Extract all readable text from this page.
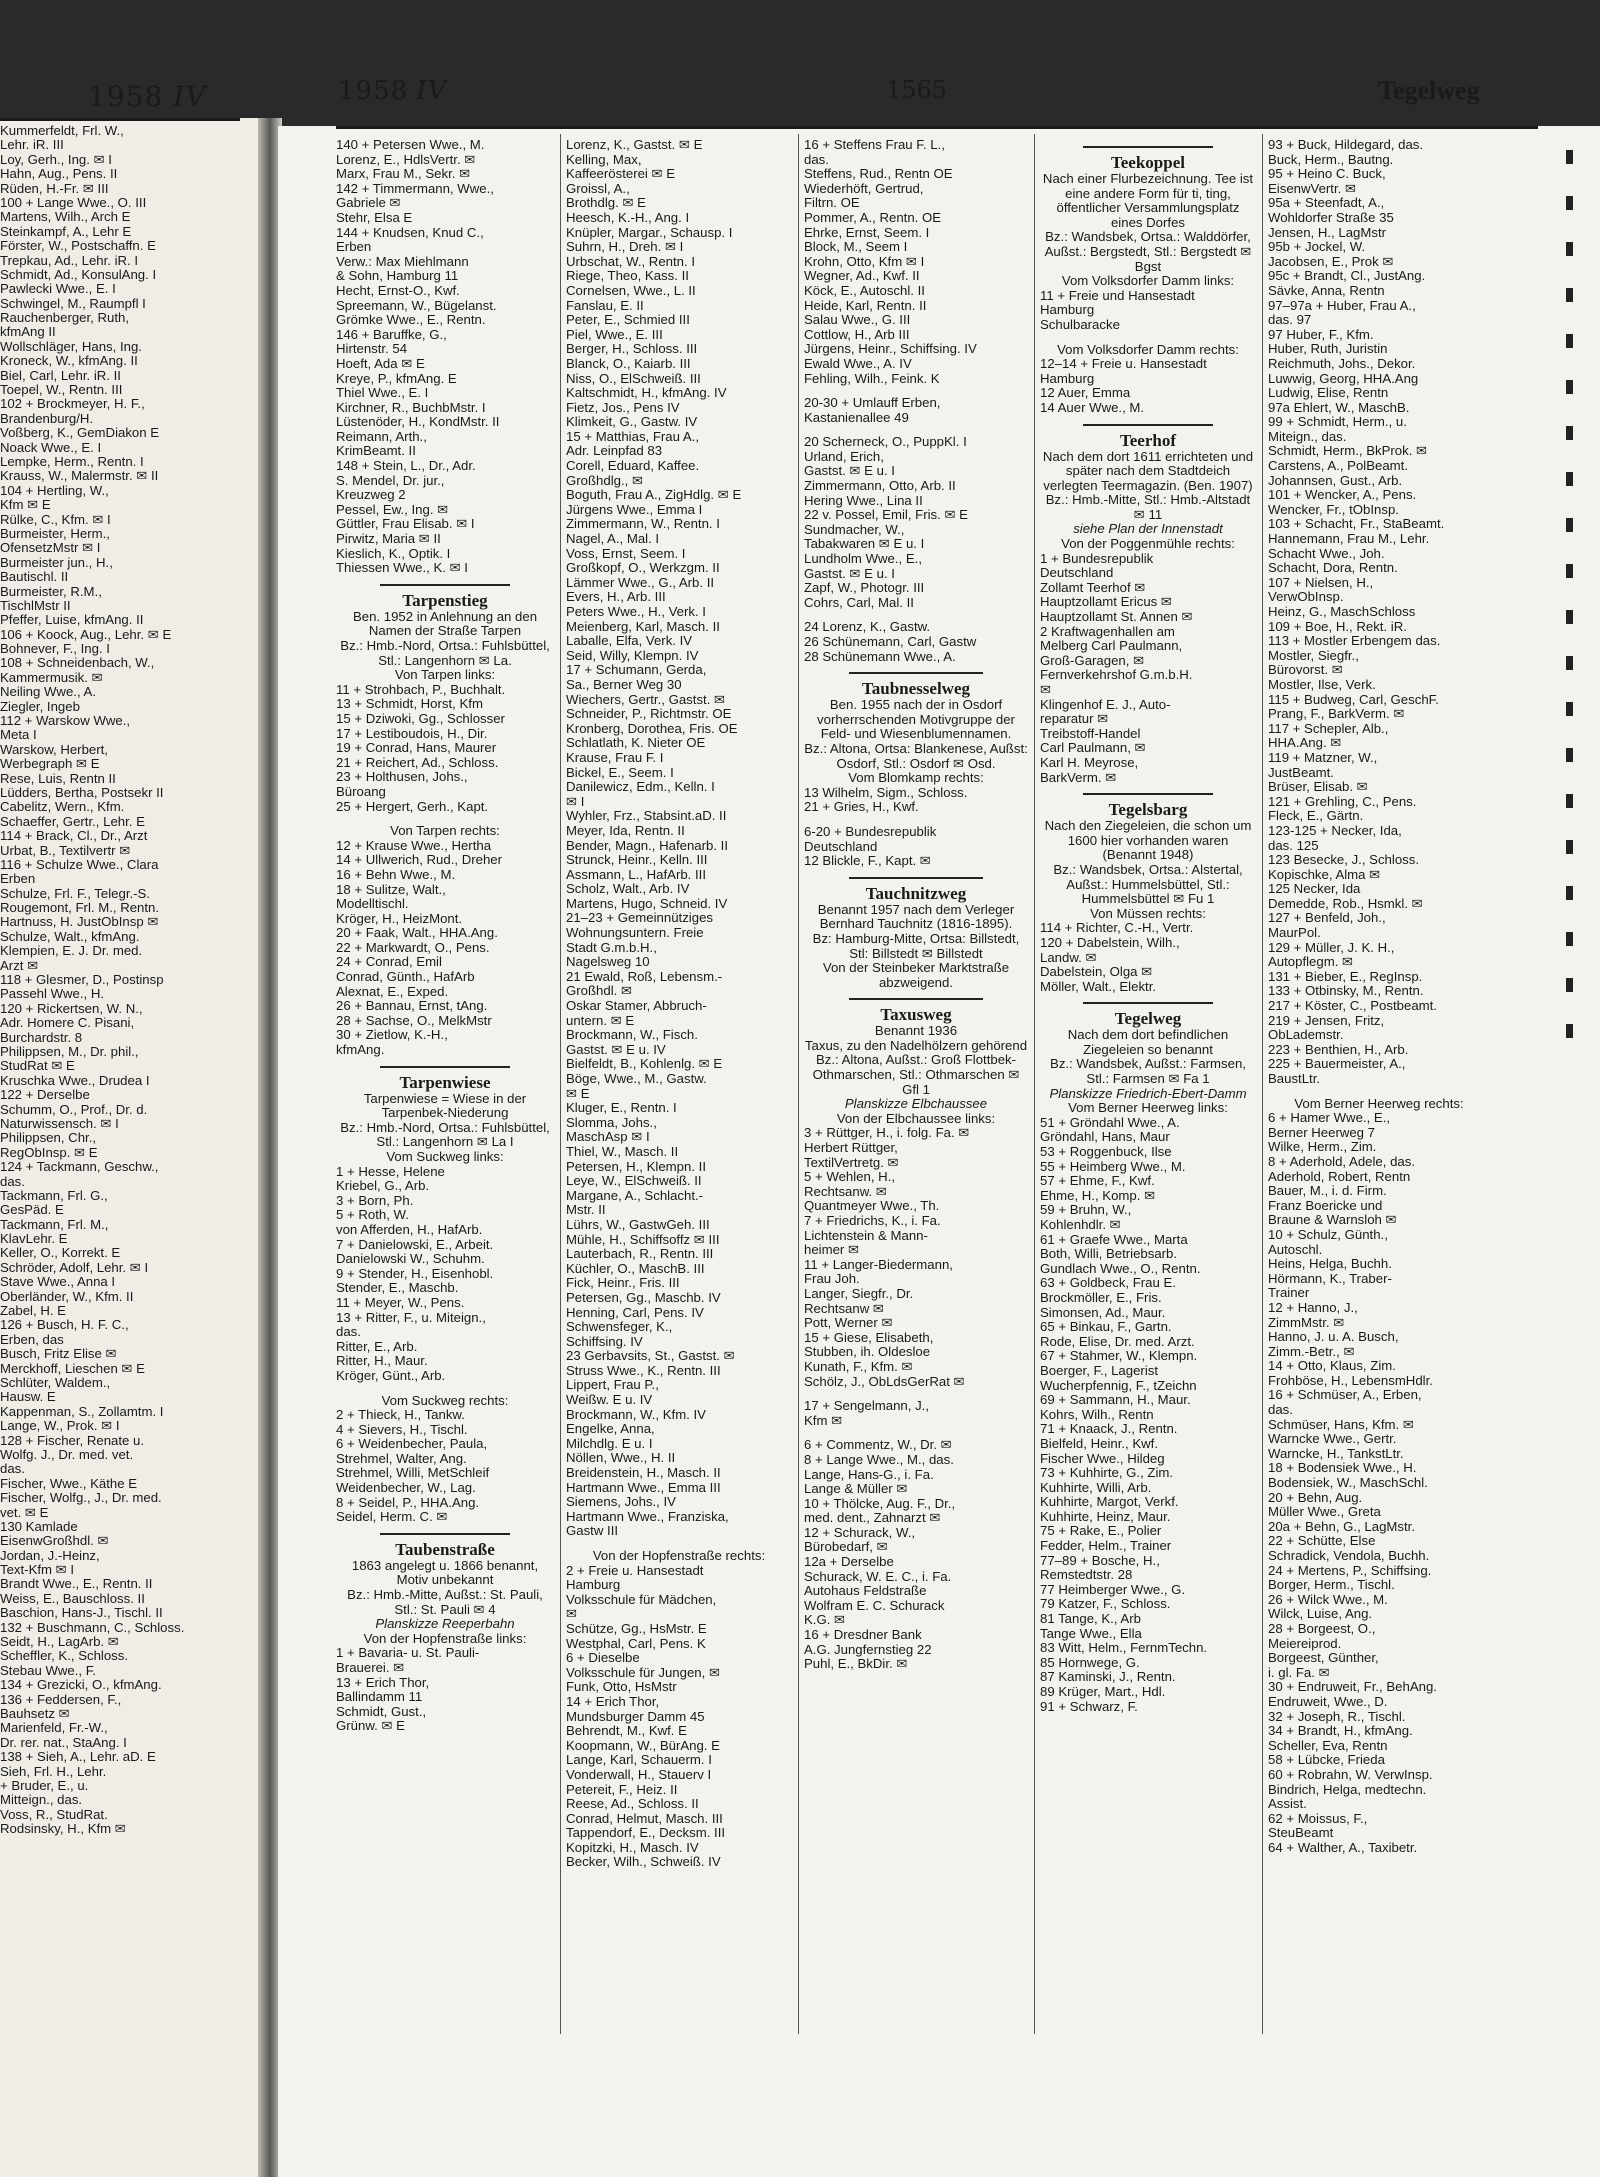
1958 IV
Kummerfeldt, Frl. W.,
Lehr. iR. III
Loy, Gerh., Ing. ✉ I
Hahn, Aug., Pens. II
Rüden, H.-Fr. ✉ III
100 + Lange Wwe., O. III
Martens, Wilh., Arch E
Steinkampf, A., Lehr E
Förster, W., Postschaffn. E
Trepkau, Ad., Lehr. iR. I
Schmidt, Ad., KonsulAng. I
Pawlecki Wwe., E. I
Schwingel, M., Raumpfl I
Rauchenberger, Ruth,
kfmAng II
Wollschläger, Hans, Ing.
Kroneck, W., kfmAng. II
Biel, Carl, Lehr. iR. II
Toepel, W., Rentn. III
102 + Brockmeyer, H. F.,
Brandenburg/H.
Voßberg, K., GemDiakon E
Noack Wwe., E. I
Lempke, Herm., Rentn. I
Krauss, W., Malermstr. ✉ II
104 + Hertling, W.,
Kfm ✉ E
Rülke, C., Kfm. ✉ I
Burmeister, Herm.,
OfensetzMstr ✉ I
Burmeister jun., H.,
Bautischl. II
Burmeister, R.M.,
TischlMstr II
Pfeffer, Luise, kfmAng. II
106 + Koock, Aug., Lehr. ✉ E
Bohnever, F., Ing. I
108 + Schneidenbach, W.,
Kammermusik. ✉
Neiling Wwe., A.
Ziegler, Ingeb
112 + Warskow Wwe.,
Meta I
Warskow, Herbert,
Werbegraph ✉ E
Rese, Luis, Rentn II
Lüdders, Bertha, Postsekr II
Cabelitz, Wern., Kfm.
Schaeffer, Gertr., Lehr. E
114 + Brack, Cl., Dr., Arzt
Urbat, B., Textilvertr ✉
116 + Schulze Wwe., Clara
Erben
Schulze, Frl. F., Telegr.-S.
Rougemont, Frl. M., Rentn.
Hartnuss, H. JustObInsp ✉
Schulze, Walt., kfmAng.
Klempien, E. J. Dr. med.
Arzt ✉
118 + Glesmer, D., Postinsp
Passehl Wwe., H.
120 + Rickertsen, W. N.,
Adr. Homere C. Pisani,
Burchardstr. 8
Philippsen, M., Dr. phil.,
StudRat ✉ E
Kruschka Wwe., Drudea I
122 + Derselbe
Schumm, O., Prof., Dr. d.
Naturwissensch. ✉ I
Philippsen, Chr.,
RegObInsp. ✉ E
124 + Tackmann, Geschw.,
das.
Tackmann, Frl. G.,
GesPäd. E
Tackmann, Frl. M.,
KlavLehr. E
Keller, O., Korrekt. E
Schröder, Adolf, Lehr. ✉ I
Stave Wwe., Anna I
Oberländer, W., Kfm. II
Zabel, H. E
126 + Busch, H. F. C.,
Erben, das
Busch, Fritz Elise ✉
Merckhoff, Lieschen ✉ E
Schlüter, Waldem.,
Hausw. E
Kappenman, S., Zollamtm. I
Lange, W., Prok. ✉ I
128 + Fischer, Renate u.
Wolfg. J., Dr. med. vet.
das.
Fischer, Wwe., Käthe E
Fischer, Wolfg., J., Dr. med.
vet. ✉ E
130 Kamlade
EisenwGroßhdl. ✉
Jordan, J.-Heinz,
Text-Kfm ✉ I
Brandt Wwe., E., Rentn. II
Weiss, E., Bauschloss. II
Baschion, Hans-J., Tischl. II
132 + Buschmann, C., Schloss.
Seidt, H., LagArb. ✉
Scheffler, K., Schloss.
Stebau Wwe., F.
134 + Grezicki, O., kfmAng.
136 + Feddersen, F.,
Bauhsetz ✉
Marienfeld, Fr.-W.,
Dr. rer. nat., StaAng. I
138 + Sieh, A., Lehr. aD. E
Sieh, Frl. H., Lehr.
+ Bruder, E., u.
Mitteign., das.
Voss, R., StudRat.
Rodsinsky, H., Kfm ✉
1958 IV	1565	Tegelweg
140 + Petersen Wwe., M.
Lorenz, E., HdlsVertr. ✉
Marx, Frau M., Sekr. ✉
142 + Timmermann, Wwe.,
Gabriele ✉
Stehr, Elsa E
144 + Knudsen, Knud C.,
Erben
Verw.: Max Miehlmann
& Sohn, Hamburg 11
Hecht, Ernst-O., Kwf.
Spreemann, W., Bügelanst.
Grömke Wwe., E., Rentn.
146 + Baruffke, G.,
Hirtenstr. 54
Hoeft, Ada ✉ E
Kreye, P., kfmAng. E
Thiel Wwe., E. I
Kirchner, R., BuchbMstr. I
Lüstenöder, H., KondMstr. II
Reimann, Arth.,
KrimBeamt. II
148 + Stein, L., Dr., Adr.
S. Mendel, Dr. jur.,
Kreuzweg 2
Pessel, Ew., Ing. ✉
Güttler, Frau Elisab. ✉ I
Pirwitz, Maria ✉ II
Kieslich, K., Optik. I
Thiessen Wwe., K. ✉ I
Tarpenstieg
Ben. 1952 in Anlehnung an den Namen der Straße Tarpen
Bz.: Hmb.-Nord, Ortsa.: Fuhlsbüttel, Stl.: Langenhorn ✉ La.
Von Tarpen links:
11 + Strohbach, P., Buchhalt.
13 + Schmidt, Horst, Kfm
15 + Dziwoki, Gg., Schlosser
17 + Lestiboudois, H., Dir.
19 + Conrad, Hans, Maurer
21 + Reichert, Ad., Schloss.
23 + Holthusen, Johs.,
Büroang
25 + Hergert, Gerh., Kapt.
Von Tarpen rechts:
12 + Krause Wwe., Hertha
14 + Ullwerich, Rud., Dreher
16 + Behn Wwe., M.
18 + Sulitze, Walt.,
Modelltischl.
Kröger, H., HeizMont.
20 + Faak, Walt., HHA.Ang.
22 + Markwardt, O., Pens.
24 + Conrad, Emil
Conrad, Günth., HafArb
Alexnat, E., Exped.
26 + Bannau, Ernst, tAng.
28 + Sachse, O., MelkMstr
30 + Zietlow, K.-H.,
kfmAng.
Tarpenwiese
Tarpenwiese = Wiese in der Tarpenbek-Niederung
Bz.: Hmb.-Nord, Ortsa.: Fuhlsbüttel, Stl.: Langenhorn ✉ La I
Vom Suckweg links:
1 + Hesse, Helene
Kriebel, G., Arb.
3 + Born, Ph.
5 + Roth, W.
von Afferden, H., HafArb.
7 + Danielowski, E., Arbeit.
Danielowski W., Schuhm.
9 + Stender, H., Eisenhobl.
Stender, E., Maschb.
11 + Meyer, W., Pens.
13 + Ritter, F., u. Miteign.,
das.
Ritter, E., Arb.
Ritter, H., Maur.
Kröger, Günt., Arb.
Vom Suckweg rechts:
2 + Thieck, H., Tankw.
4 + Sievers, H., Tischl.
6 + Weidenbecher, Paula,
Strehmel, Walter, Ang.
Strehmel, Willi, MetSchleif
Weidenbecher, W., Lag.
8 + Seidel, P., HHA.Ang.
Seidel, Herm. C. ✉
Taubenstraße
1863 angelegt u. 1866 benannt, Motiv unbekannt
Bz.: Hmb.-Mitte, Außst.: St. Pauli, Stl.: St. Pauli ✉ 4
Planskizze Reeperbahn
Von der Hopfenstraße links:
1 + Bavaria- u. St. Pauli-
Brauerei. ✉
13 + Erich Thor,
Ballindamm 11
Schmidt, Gust.,
Grünw. ✉ E
Lorenz, K., Gastst. ✉ E
Kelling, Max,
Kaffeerösterei ✉ E
Groissl, A.,
Brothdlg. ✉ E
Heesch, K.-H., Ang. I
Knüpler, Margar., Schausp. I
Suhrn, H., Dreh. ✉ I
Urbschat, W., Rentn. I
Riege, Theo, Kass. II
Cornelsen, Wwe., L. II
Fanslau, E. II
Peter, E., Schmied III
Piel, Wwe., E. III
Berger, H., Schloss. III
Blanck, O., Kaiarb. III
Niss, O., ElSchweiß. III
Kaltschmidt, H., kfmAng. IV
Fietz, Jos., Pens IV
Klimkeit, G., Gastw. IV
15 + Matthias, Frau A.,
Adr. Leinpfad 83
Corell, Eduard, Kaffee.
Großhdlg., ✉
Boguth, Frau A., ZigHdlg. ✉ E
Jürgens Wwe., Emma I
Zimmermann, W., Rentn. I
Nagel, A., Mal. I
Voss, Ernst, Seem. I
Großkopf, O., Werkzgm. II
Lämmer Wwe., G., Arb. II
Evers, H., Arb. III
Peters Wwe., H., Verk. I
Meienberg, Karl, Masch. II
Laballe, Elfa, Verk. IV
Seid, Willy, Klempn. IV
17 + Schumann, Gerda,
Sa., Berner Weg 30
Wiechers, Gertr., Gastst. ✉
Schneider, P., Richtmstr. OE
Kronberg, Dorothea, Fris. OE
Schlatlath, K. Nieter OE
Krause, Frau F. I
Bickel, E., Seem. I
Danilewicz, Edm., Kelln. I
✉ I
Wyhler, Frz., Stabsint.aD. II
Meyer, Ida, Rentn. II
Bender, Magn., Hafenarb. II
Strunck, Heinr., Kelln. III
Assmann, L., HafArb. III
Scholz, Walt., Arb. IV
Martens, Hugo, Schneid. IV
21–23 + Gemeinnütziges
Wohnungsuntern. Freie
Stadt G.m.b.H.,
Nagelsweg 10
21 Ewald, Roß, Lebensm.-
Großhdl. ✉
Oskar Stamer, Abbruch-
untern. ✉ E
Brockmann, W., Fisch.
Gastst. ✉ E u. IV
Bielfeldt, B., Kohlenlg. ✉ E
Böge, Wwe., M., Gastw.
✉ E
Kluger, E., Rentn. I
Slomma, Johs.,
MaschAsp ✉ I
Thiel, W., Masch. II
Petersen, H., Klempn. II
Leye, W., ElSchweiß. II
Margane, A., Schlacht.-
Mstr. II
Lührs, W., GastwGeh. III
Mühle, H., Schiffsoffz ✉ III
Lauterbach, R., Rentn. III
Küchler, O., MaschB. III
Fick, Heinr., Fris. III
Petersen, Gg., Maschb. IV
Henning, Carl, Pens. IV
Schwensfeger, K.,
Schiffsing. IV
23 Gerbavsits, St., Gastst. ✉
Struss Wwe., K., Rentn. III
Lippert, Frau P.,
Weißw. E u. IV
Brockmann, W., Kfm. IV
Engelke, Anna,
Milchdlg. E u. I
Nöllen, Wwe., H. II
Breidenstein, H., Masch. II
Hartmann Wwe., Emma III
Siemens, Johs., IV
Hartmann Wwe., Franziska,
Gastw III
Von der Hopfenstraße rechts:
2 + Freie u. Hansestadt
Hamburg
Volksschule für Mädchen,
✉
Schütze, Gg., HsMstr. E
Westphal, Carl, Pens. K
6 + Dieselbe
Volksschule für Jungen, ✉
Funk, Otto, HsMstr
14 + Erich Thor,
Mundsburger Damm 45
Behrendt, M., Kwf. E
Koopmann, W., BürAng. E
Lange, Karl, Schauerm. I
Vonderwall, H., Stauerv I
Petereit, F., Heiz. II
Reese, Ad., Schloss. II
Conrad, Helmut, Masch. III
Tappendorf, E., Decksm. III
Kopitzki, H., Masch. IV
Becker, Wilh., Schweiß. IV
16 + Steffens Frau F. L.,
das.
Steffens, Rud., Rentn OE
Wiederhöft, Gertrud,
Filtrn. OE
Pommer, A., Rentn. OE
Ehrke, Ernst, Seem. I
Block, M., Seem I
Krohn, Otto, Kfm ✉ I
Wegner, Ad., Kwf. II
Köck, E., Autoschl. II
Heide, Karl, Rentn. II
Salau Wwe., G. III
Cottlow, H., Arb III
Jürgens, Heinr., Schiffsing. IV
Ewald Wwe., A. IV
Fehling, Wilh., Feink. K
20-30 + Umlauff Erben,
Kastanienallee 49
20 Scherneck, O., PuppKl. I
Urland, Erich,
Gastst. ✉ E u. I
Zimmermann, Otto, Arb. II
Hering Wwe., Lina II
22 v. Possel, Emil, Fris. ✉ E
Sundmacher, W.,
Tabakwaren ✉ E u. I
Lundholm Wwe., E.,
Gastst. ✉ E u. I
Zapf, W., Photogr. III
Cohrs, Carl, Mal. II
24 Lorenz, K., Gastw.
26 Schünemann, Carl, Gastw
28 Schünemann Wwe., A.
Taubnesselweg
Ben. 1955 nach der in Osdorf vorherrschenden Motivgruppe der Feld- und Wiesenblumennamen.
Bz.: Altona, Ortsa: Blankenese, Außst: Osdorf, Stl.: Osdorf ✉ Osd.
Vom Blomkamp rechts:
13 Wilhelm, Sigm., Schloss.
21 + Gries, H., Kwf.
6-20 + Bundesrepublik
Deutschland
12 Blickle, F., Kapt. ✉
Tauchnitzweg
Benannt 1957 nach dem Verleger Bernhard Tauchnitz (1816-1895).
Bz: Hamburg-Mitte, Ortsa: Billstedt, Stl: Billstedt ✉ Billstedt
Von der Steinbeker Marktstraße abzweigend.
Taxusweg
Benannt 1936
Taxus, zu den Nadelhölzern gehörend
Bz.: Altona, Außst.: Groß Flottbek-Othmarschen, Stl.: Othmarschen ✉ Gfl 1
Planskizze Elbchaussee
Von der Elbchaussee links:
3 + Rüttger, H., i. folg. Fa. ✉
Herbert Rüttger,
TextilVertretg. ✉
5 + Wehlen, H.,
Rechtsanw. ✉
Quantmeyer Wwe., Th.
7 + Friedrichs, K., i. Fa.
Lichtenstein & Mann-
heimer ✉
11 + Langer-Biedermann,
Frau Joh.
Langer, Siegfr., Dr.
Rechtsanw ✉
Pott, Werner ✉
15 + Giese, Elisabeth,
Stubben, ih. Oldesloe
Kunath, F., Kfm. ✉
Schölz, J., ObLdsGerRat ✉
17 + Sengelmann, J.,
Kfm ✉
6 + Commentz, W., Dr. ✉
8 + Lange Wwe., M., das.
Lange, Hans-G., i. Fa.
Lange & Müller ✉
10 + Thölcke, Aug. F., Dr.,
med. dent., Zahnarzt ✉
12 + Schurack, W.,
Bürobedarf, ✉
12a + Derselbe
Schurack, W. E. C., i. Fa.
Autohaus Feldstraße
Wolfram E. C. Schurack
K.G. ✉
16 + Dresdner Bank
A.G. Jungfernstieg 22
Puhl, E., BkDir. ✉
Teekoppel
Nach einer Flurbezeichnung. Tee ist eine andere Form für ti, ting, öffentlicher Versammlungsplatz eines Dorfes
Bz.: Wandsbek, Ortsa.: Walddörfer, Außst.: Bergstedt, Stl.: Bergstedt ✉ Bgst
Vom Volksdorfer Damm links:
11 + Freie und Hansestadt
Hamburg
Schulbaracke
Vom Volksdorfer Damm rechts:
12–14 + Freie u. Hansestadt
Hamburg
12 Auer, Emma
14 Auer Wwe., M.
Teerhof
Nach dem dort 1611 errichteten und später nach dem Stadtdeich verlegten Teermagazin. (Ben. 1907)
Bz.: Hmb.-Mitte, Stl.: Hmb.-Altstadt ✉ 11
siehe Plan der Innenstadt
Von der Poggenmühle rechts:
1 + Bundesrepublik
Deutschland
Zollamt Teerhof ✉
Hauptzollamt Ericus ✉
Hauptzollamt St. Annen ✉
2 Kraftwagenhallen am
Melberg Carl Paulmann,
Groß-Garagen, ✉
Fernverkehrshof G.m.b.H.
✉
Klingenhof E. J., Auto-
reparatur ✉
Treibstoff-Handel
Carl Paulmann, ✉
Karl H. Meyrose,
BarkVerm. ✉
Tegelsbarg
Nach den Ziegeleien, die schon um 1600 hier vorhanden waren
(Benannt 1948)
Bz.: Wandsbek, Ortsa.: Alstertal, Außst.: Hummelsbüttel, Stl.: Hummelsbüttel ✉ Fu 1
Von Müssen rechts:
114 + Richter, C.-H., Vertr.
120 + Dabelstein, Wilh.,
Landw. ✉
Dabelstein, Olga ✉
Möller, Walt., Elektr.
Tegelweg
Nach dem dort befindlichen Ziegeleien so benannt
Bz.: Wandsbek, Außst.: Farmsen, Stl.: Farmsen ✉ Fa 1
Planskizze Friedrich-Ebert-Damm
Vom Berner Heerweg links:
51 + Gröndahl Wwe., A.
Gröndahl, Hans, Maur
53 + Roggenbuck, Ilse
55 + Heimberg Wwe., M.
57 + Ehme, F., Kwf.
Ehme, H., Komp. ✉
59 + Bruhn, W.,
Kohlenhdlr. ✉
61 + Graefe Wwe., Marta
Both, Willi, Betriebsarb.
Gundlach Wwe., O., Rentn.
63 + Goldbeck, Frau E.
Brockmöller, E., Fris.
Simonsen, Ad., Maur.
65 + Binkau, F., Gartn.
Rode, Elise, Dr. med. Arzt.
67 + Stahmer, W., Klempn.
Boerger, F., Lagerist
Wucherpfennig, F., tZeichn
69 + Sammann, H., Maur.
Kohrs, Wilh., Rentn
71 + Knaack, J., Rentn.
Bielfeld, Heinr., Kwf.
Fischer Wwe., Hildeg
73 + Kuhhirte, G., Zim.
Kuhhirte, Willi, Arb.
Kuhhirte, Margot, Verkf.
Kuhhirte, Heinz, Maur.
75 + Rake, E., Polier
Fedder, Helm., Trainer
77–89 + Bosche, H.,
Remstedtstr. 28
77 Heimberger Wwe., G.
79 Katzer, F., Schloss.
81 Tange, K., Arb
Tange Wwe., Ella
83 Witt, Helm., FernmTechn.
85 Hornwege, G.
87 Kaminski, J., Rentn.
89 Krüger, Mart., Hdl.
91 + Schwarz, F.
93 + Buck, Hildegard, das.
Buck, Herm., Bautng.
95 + Heino C. Buck,
EisenwVertr. ✉
95a + Steenfadt, A.,
Wohldorfer Straße 35
Jensen, H., LagMstr
95b + Jockel, W.
Jacobsen, E., Prok ✉
95c + Brandt, Cl., JustAng.
Sävke, Anna, Rentn
97–97a + Huber, Frau A.,
das. 97
97 Huber, F., Kfm.
Huber, Ruth, Juristin
Reichmuth, Johs., Dekor.
Luwwig, Georg, HHA.Ang
Ludwig, Elise, Rentn
97a Ehlert, W., MaschB.
99 + Schmidt, Herm., u.
Miteign., das.
Schmidt, Herm., BkProk. ✉
Carstens, A., PolBeamt.
Johannsen, Gust., Arb.
101 + Wencker, A., Pens.
Wencker, Fr., tObInsp.
103 + Schacht, Fr., StaBeamt.
Hannemann, Frau M., Lehr.
Schacht Wwe., Joh.
Schacht, Dora, Rentn.
107 + Nielsen, H.,
VerwObInsp.
Heinz, G., MaschSchloss
109 + Boe, H., Rekt. iR.
113 + Mostler Erbengem das.
Mostler, Siegfr.,
Bürovorst. ✉
Mostler, Ilse, Verk.
115 + Budweg, Carl, GeschF.
Prang, F., BarkVerm. ✉
117 + Schepler, Alb.,
HHA.Ang. ✉
119 + Matzner, W.,
JustBeamt.
Brüser, Elisab. ✉
121 + Grehling, C., Pens.
Fleck, E., Gärtn.
123-125 + Necker, Ida,
das. 125
123 Besecke, J., Schloss.
Kopischke, Alma ✉
125 Necker, Ida
Demedde, Rob., Hsmkl. ✉
127 + Benfeld, Joh.,
MaurPol.
129 + Müller, J. K. H.,
Autopflegm. ✉
131 + Bieber, E., RegInsp.
133 + Otbinsky, M., Rentn.
217 + Köster, C., Postbeamt.
219 + Jensen, Fritz,
ObLademstr.
223 + Benthien, H., Arb.
225 + Bauermeister, A.,
BaustLtr.
Vom Berner Heerweg rechts:
6 + Hamer Wwe., E.,
Berner Heerweg 7
Wilke, Herm., Zim.
8 + Aderhold, Adele, das.
Aderhold, Robert, Rentn
Bauer, M., i. d. Firm.
Franz Boericke und
Braune & Warnsloh ✉
10 + Schulz, Günth.,
Autoschl.
Heins, Helga, Buchh.
Hörmann, K., Traber-
Trainer
12 + Hanno, J.,
ZimmMstr. ✉
Hanno, J. u. A. Busch,
Zimm.-Betr., ✉
14 + Otto, Klaus, Zim.
Frohböse, H., LebensmHdlr.
16 + Schmüser, A., Erben,
das.
Schmüser, Hans, Kfm. ✉
Warncke Wwe., Gertr.
Warncke, H., TankstLtr.
18 + Bodensiek Wwe., H.
Bodensiek, W., MaschSchl.
20 + Behn, Aug.
Müller Wwe., Greta
20a + Behn, G., LagMstr.
22 + Schütte, Else
Schradick, Vendola, Buchh.
24 + Mertens, P., Schiffsing.
Borger, Herm., Tischl.
26 + Wilck Wwe., M.
Wilck, Luise, Ang.
28 + Borgeest, O.,
Meiereiprod.
Borgeest, Günther,
i. gl. Fa. ✉
30 + Endruweit, Fr., BehAng.
Endruweit, Wwe., D.
32 + Joseph, R., Tischl.
34 + Brandt, H., kfmAng.
Scheller, Eva, Rentn
58 + Lübcke, Frieda
60 + Robrahn, W. VerwInsp.
Bindrich, Helga, medtechn.
Assist.
62 + Moissus, F.,
SteuBeamt
64 + Walther, A., Taxibetr.
